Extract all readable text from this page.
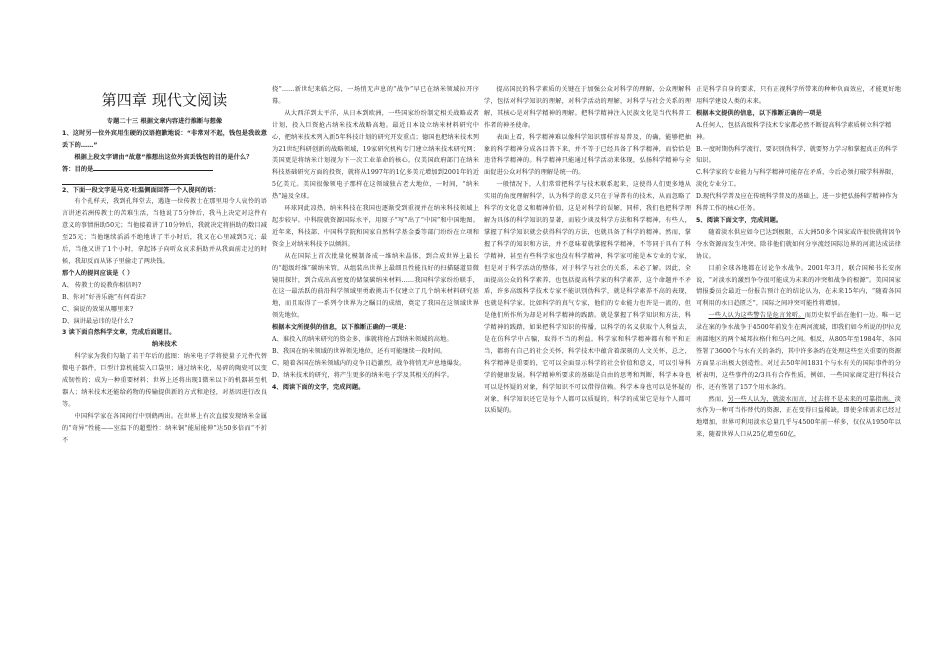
第四章 现代文阅读

专题二十三 根据文章内容进行推断与想像

1、这时另一位外宾用生硬的汉语抱歉地说：“非常对不起，钱包是我故意丢下的……”

根据上段文字请由“故意”推想出这位外宾丢钱包的目的是什么？

答：目的是

2、下面一段文字是马克·吐温侧面回答一个人提问的话：

有个孔样天，我到孔拜堂去，遇逢一位传教士在那里用令人哀怜的语言讲述若洲传教士的苦难生活，当他说了5分钟后，我马上决定对这件有意义的事情捐助50元；当他接着讲了10分钟后，我就决定将捐助的数目减至25元；当他继续滔滔不绝地讲了半小时后，我又在心里减到5元；最后，当他又讲了1个小时，拿起钵子向听众哀求捐助并从我面前走过的时候，我却反而从钵子里偷走了两块钱。

那个人的提问应该是（ ）

A、 传教士的说教你相信吗?

B、你对“好善乐施”有何看法?

C、演说的效果从哪里来?

D、演讲最忌讳的是什么?

3 读下面自然科学文章，完成后面题目。

纳米技术

科学家为我们勾勒了若干年后的蓝图：纳米电子学将使量子元件代替微电子器件，巨型计算机能装入口袋里；通过纳米化，易碎的陶瓷可以变成韧性的；成为一种重要材料；世界上还将出现1微米以下的机器甚至机器人；纳米技术还能给药物的传输提供新的方式和途径，对基因进行改良等。

中国科学家在各国间行中别鹤两出。在世界上有次直接发现纳米金属的“奇异”性能——室温下的超塑性：纳米铜“能屈能伸”达50多倍而“不折不

挠”……新世纪来临之际，一场悄无声息的“战争”早已在纳米领域拉开序幕。

从大西洋到太平洋，从日本到欧洲，一些国家纷纷制定相关战略或者计划，投入巨资抢占纳米技术战略高地。最近日本设立纳米材料研究中心，把纳米技术列入新5年科技计划的研究开发重点；德国也把纳米技术列为21世纪科研创新的战略领域，19家研究机构专门建立纳米技术研究网；美国更是将纳米计划视为下一次工业革命的核心，仅美国政府部门在纳米科技基础研究方面的投资，就将从1997年的1亿多美元增加到2001年的近5亿美元。美国很像领电子那样在这领域独占老大地位，一时间，“纳米热”遍及全球。

环球同此凉热，纳米科技在我国也逐渐受到重视并在纳米科技领域上起步较早。中科院就资源国际水平，用原子“写”出了“中国”和中国地图。近年来，科技部、中国科学院和国家自然科学基金委等部门纷纷在立项和资金上对纳米科技予以倾斜。

从在国际上首次批量化模制备成一维纳米晶体，到合成世界上最长的“超级纤维”碳纳米管，从组装出世界上最细且性能良好的扫描隧道显微镜用探针，到合成出高密度的储氢碳纳米材料……我国科学家纷纷联手，在这一最活跃的前沿科学领域里勇敢挑击不仅建立了几个纳米材料研究基地，而且取得了一系列令世界为之瞩目的成绩，奠定了我国在这领域世界领先地位。

根据本文所提供的信息，以下推断正确的一项是：

A、谁投入的纳米研究的资金多，谁就将抢占到纳米领域的高地。

B、我国在纳米领域的世界领先地位，还有可能继续一段时间。

C、随着各国在纳米领域内的竞争日趋激烈，战争将悄无声息地爆发。

D、纳米技术的研究，将产生更多的纳米电子学及其相关的科学。

4、阅读下面的文字，完成问题。

提高国民的科学素质的关键在于加强公众对科学的理解，公众理解科学，包括对科学知识的理解，对科学活动的理解，对科学与社会关系的理解，其核心是对科学精神的理解。把科学精神注入民族文化是当代科普工作者的神圣使命。

表面上看，科学精神难以像科学知识那样容易普及，的确，能够把抽象的科学精神分成各目普下来，并不等于已经具备了科学精神，而恰恰是违背科学精神的。科学精神只能通过科学活动来体现，弘扬科学精神与全面促进公众对科学的理解是统一的。

一般情况下，人们常常把科学与技术联系起来，这使得人们更多地从实用的角度理解科学，认为科学的意义只在于导普有的技术，从而忽略了科学的文化意义和精神价值，这是对科学的误解，同样，我们也把科学理解为具体的科学知识的显著，而较少谈及科学方法和科学精神，有些人，掌握了科学知识就会获得科学的方法，也就具备了科学的精神。然而，掌握了科学的知识和方法，并不意味着就掌握科学精神，不等同于具有了科学精神，甚至有些科学家也没有科学精神，科学家可能是本专业的专家，但是对于科学活动的整体，对于科学与社会的关系，未必了解。因此，全面提高公众的科学素养，也包括提高科学家的科学素养，这个命题并不矛盾，许多高级科学技术专家不能识别伪科学，就是科学素养不高的表现，也就是科学家。比如科学的真气专家，他们的专业能力也许是一流的，但是他们所作所为却是对科学精神的践踏。就是掌握了科学知识和方法，科学精神的践踏，如果把科学知识的传播，以科学的名义获取个人利益去，是在仿科学中占骗，取得不当的利益。科学家和科学精神都有和平和正当，都将有自己的社会关怀，科学技术中蕴含着深刻的人文关怀，总之，科学精神是重要的，它可以全面显示科学的社会价值和意义，可以引导科学的健康发展。科学精神所要求的基础是自由的思考和判断，科学本身也可以是怀疑的对象，科学知识不可以借得信赖。科学本身也可以是怀疑的对象，科学知识还它是每个人都可以质疑的，科学的成果它是每个人都可以质疑的。

正是科学自身的要求，只有正视科学所带来的种种负面效应，才能更好地用科学建设人类的未来。

根据本文提供的信息，以下推断正确的一项是

A.任何人，包括高级科学技术专家都必然不断提高科学素质树立科学精神。

B.一度时期伪科学流行，要识别伪科学，就要努力学习和掌握真正的科学知识。

C.科学家的专业能力与科学精神可能存在矛盾，今后必须打破学科界限，淡化专业分工。

D.现代科学普及应在传统科学普及的基础上，进一步把弘扬科学精神作为科普工作的核心任务。

5、阅读下面文字，完成问题。

随着淡水供应如今已达到极限，五大洲50多个国家或许很快就将因争夺水资源而发生冲突。除非他们就如何分享流经国际边界的河流达成法律协议。

目前全球各地都在讨论争水战争。2001年3月，联合国秘书长安南说，“对淡水的激烈争夺很可能成为未来的冲突和战争的根源”。美国国家情报委员会最近一份报告预计在的结论认为，在未来15年内，“随着各国可利用的水日趋匮乏”，国际之间冲突可能性将增加。

一些人认为这些警告是危言耸听。而历史似乎站在他们一边。唯一记录在案的争水战争于4500年前发生在两河流域，即我们如今所说的伊拉克南部地区的两个城邦拉格什和乌玛之间。相反，从805年至1984年，各国签署了3600个与水有关的条约，其中许多条约在处理这些至关重要的资源方面显示出极大创造性。对过去50年间1831个与水有关的国际事件的分析表明，这些事件的2/3具有合作性质，例如，一些国家商定进行科技合作，还有签署了157个用水条约。

然而，另一些人认为，就淡水而言，过去将不是未来的可靠指南。淡水作为一种可当作替代的资源，正在变得日益稀缺，即使全球需求已经过地增加，世界可利用淡水总量几乎与4500年前一样多，仅仅从1950年以来，随着世界人口从25亿增至60亿，
